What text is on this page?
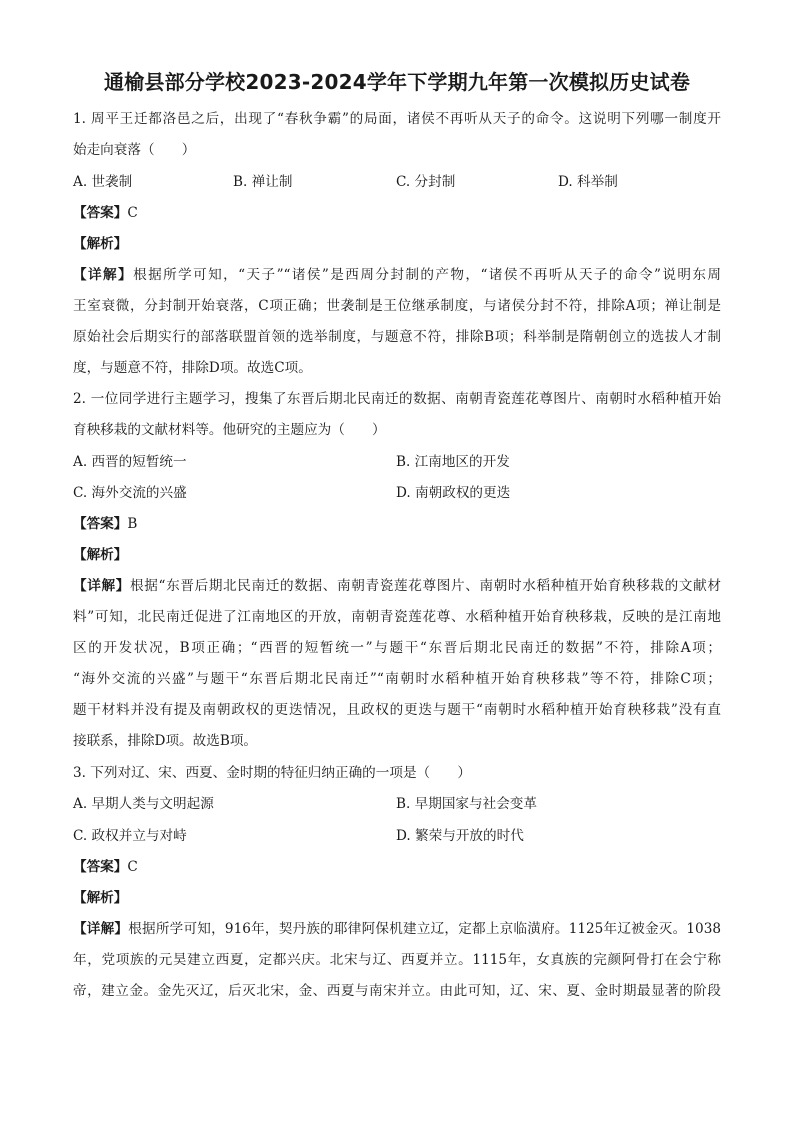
通榆县部分学校2023-2024学年下学期九年第一次模拟历史试卷
1. 周平王迁都洛邑之后，出现了“春秋争霸”的局面，诸侯不再听从天子的命令。这说明下列哪一制度开
始走向衰落（　　）
A. 世袭制	B. 禅让制	C. 分封制	D. 科举制
【答案】C
【解析】
【详解】根据所学可知，“天子”“诸侯”是西周分封制的产物，“诸侯不再听从天子的命令”说明东周
王室衰微，分封制开始衰落，C项正确；世袭制是王位继承制度，与诸侯分封不符，排除A项；禅让制是
原始社会后期实行的部落联盟首领的选举制度，与题意不符，排除B项；科举制是隋朝创立的选拔人才制
度，与题意不符，排除D项。故选C项。
2. 一位同学进行主题学习，搜集了东晋后期北民南迁的数据、南朝青瓷莲花尊图片、南朝时水稻种植开始
育秧移栽的文献材料等。他研究的主题应为（　　）
A. 西晋的短暂统一	B. 江南地区的开发
C. 海外交流的兴盛	D. 南朝政权的更迭
【答案】B
【解析】
【详解】根据“东晋后期北民南迁的数据、南朝青瓷莲花尊图片、南朝时水稻种植开始育秧移栽的文献材
料”可知，北民南迁促进了江南地区的开放，南朝青瓷莲花尊、水稻种植开始育秧移栽，反映的是江南地
区的开发状况，B项正确；“西晋的短暂统一”与题干“东晋后期北民南迁的数据”不符，排除A项；
“海外交流的兴盛”与题干“东晋后期北民南迁”“南朝时水稻种植开始育秧移栽”等不符，排除C项；
题干材料并没有提及南朝政权的更迭情况，且政权的更迭与题干“南朝时水稻种植开始育秧移栽”没有直
接联系，排除D项。故选B项。
3. 下列对辽、宋、西夏、金时期的特征归纳正确的一项是（　　）
A. 早期人类与文明起源	B. 早期国家与社会变革
C. 政权并立与对峙	D. 繁荣与开放的时代
【答案】C
【解析】
【详解】根据所学可知，916年，契丹族的耶律阿保机建立辽，定都上京临潢府。1125年辽被金灭。1038
年，党项族的元昊建立西夏，定都兴庆。北宋与辽、西夏并立。1115年，女真族的完颜阿骨打在会宁称
帝，建立金。金先灭辽，后灭北宋，金、西夏与南宋并立。由此可知，辽、宋、夏、金时期最显著的阶段
